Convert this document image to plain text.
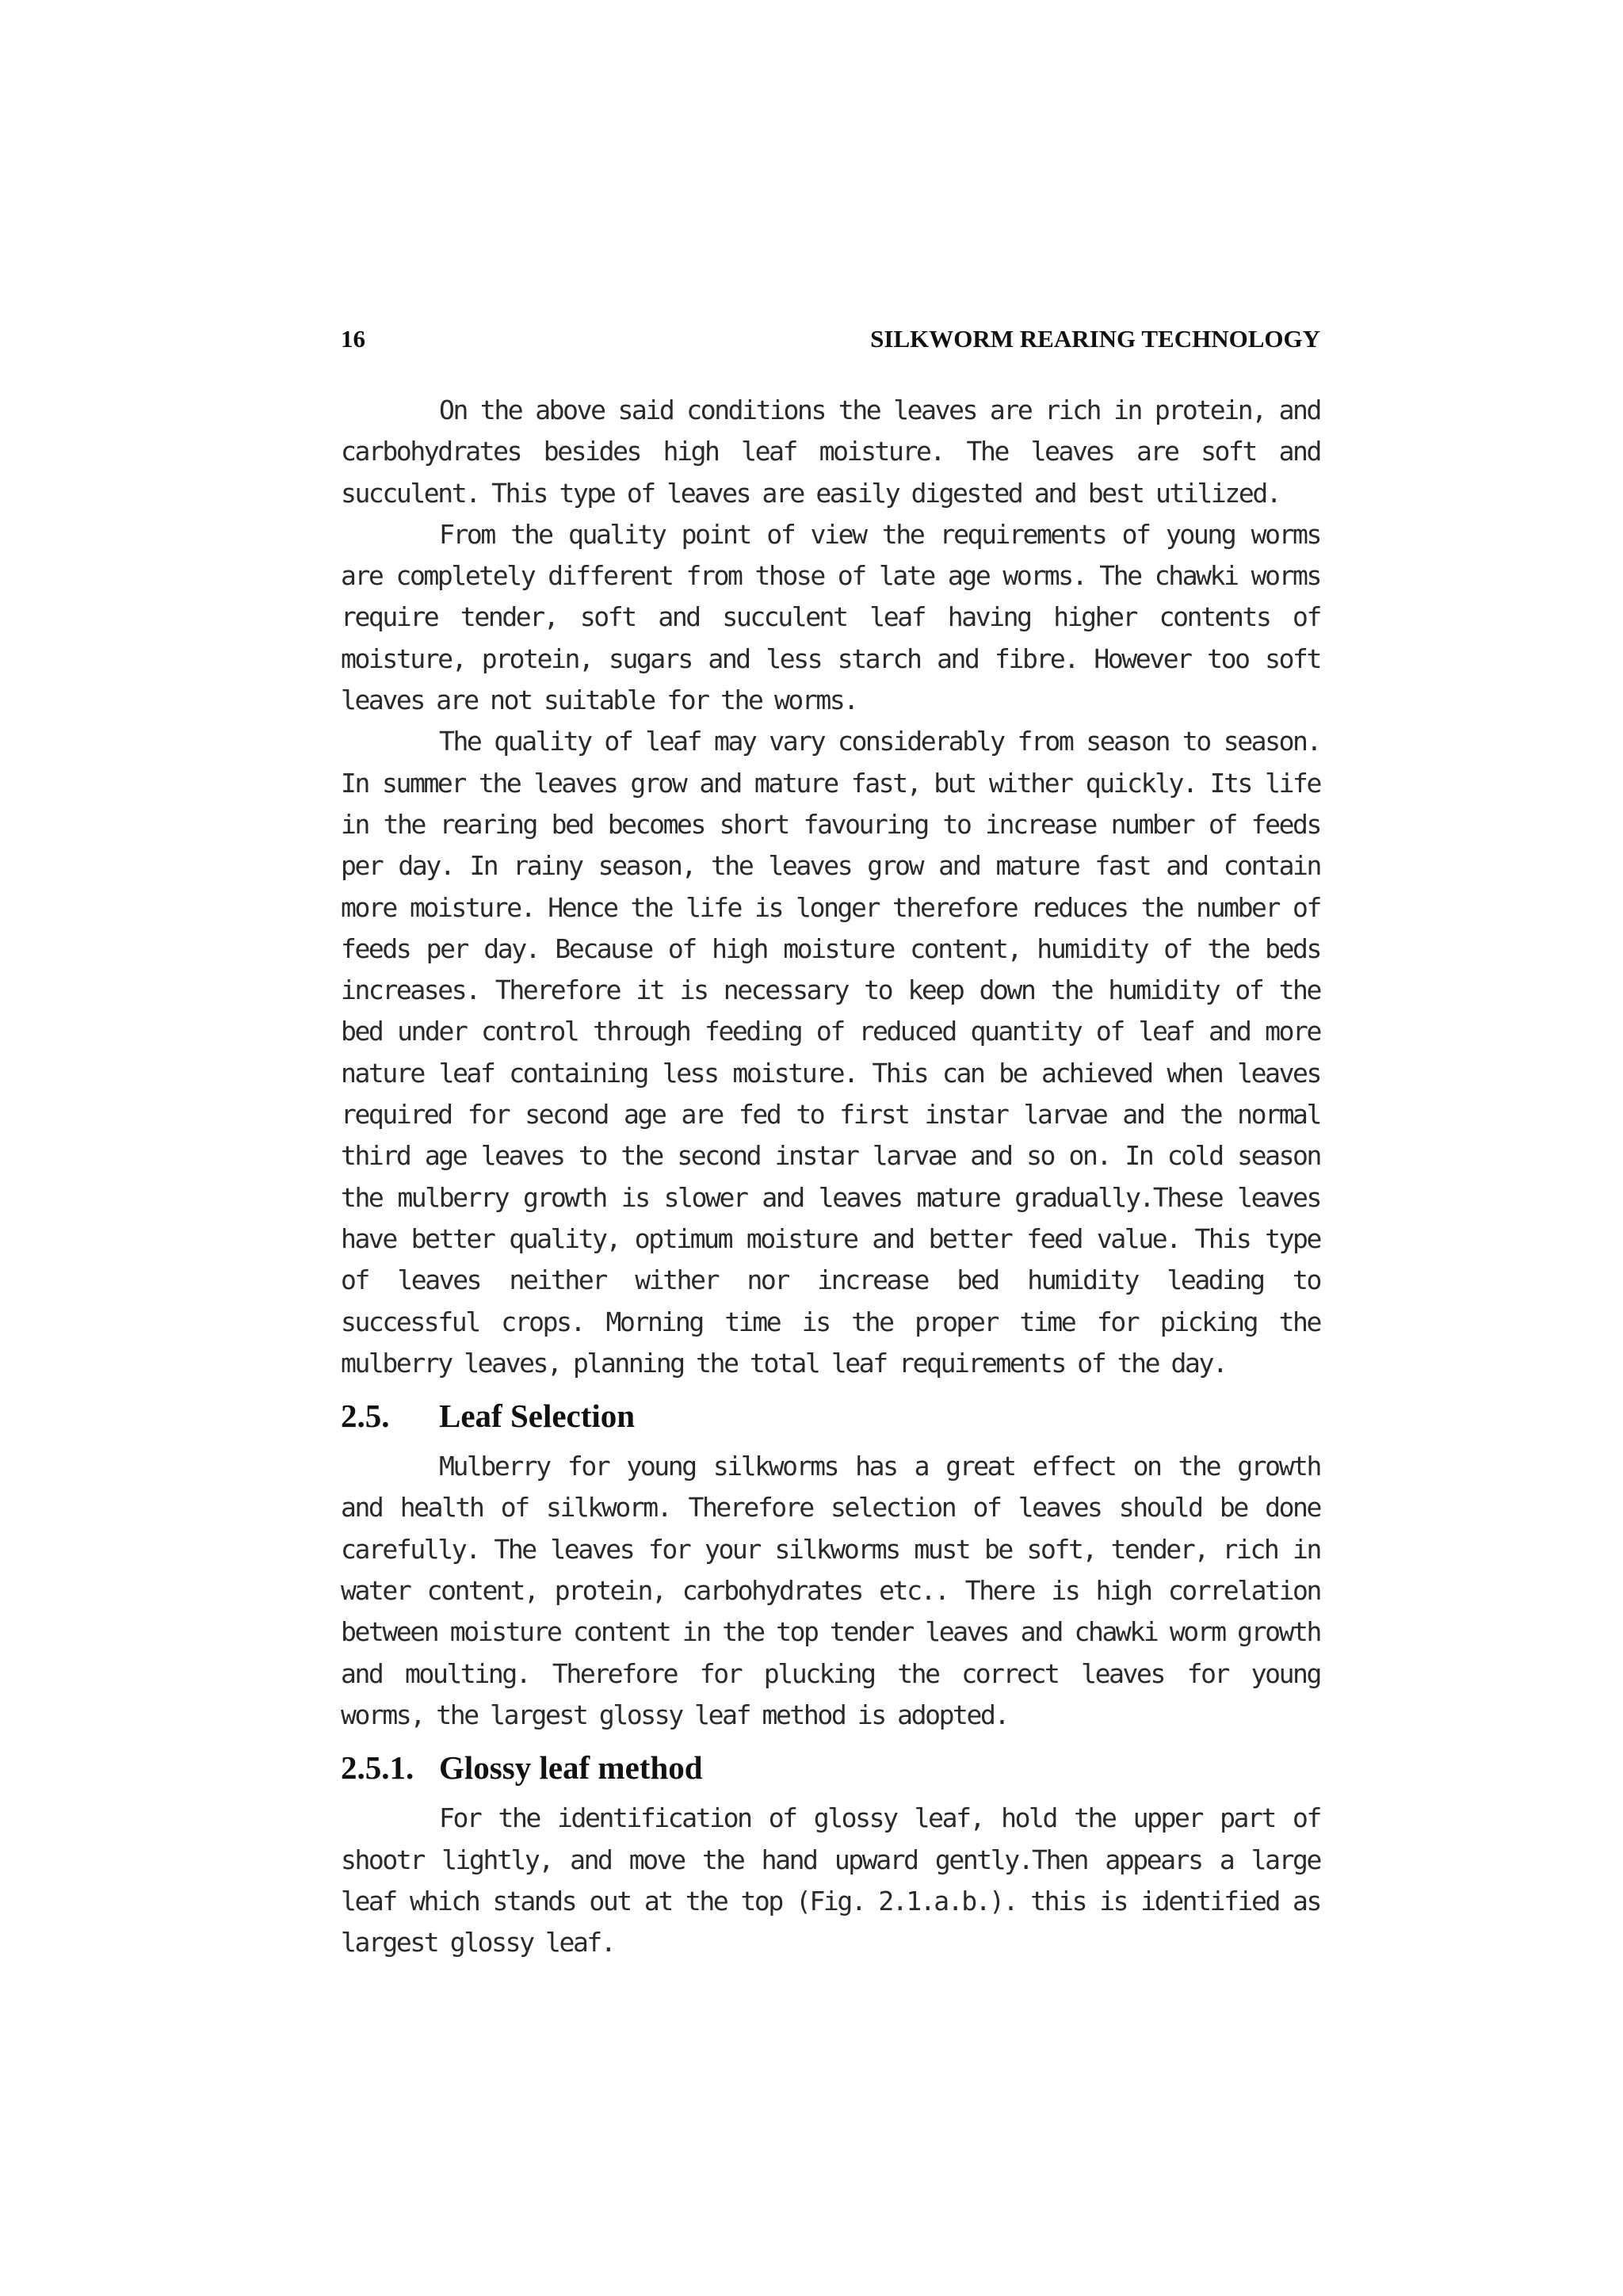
16	SILKWORM REARING TECHNOLOGY

On the above said conditions the leaves are rich in protein, and carbohydrates besides high leaf moisture. The leaves are soft and succulent. This type of leaves are easily digested and best utilized.

From the quality point of view the requirements of young worms are completely different from those of late age worms. The chawki worms require tender, soft and succulent leaf having higher contents of moisture, protein, sugars and less starch and fibre. However too soft leaves are not suitable for the worms.

The quality of leaf may vary considerably from season to season. In summer the leaves grow and mature fast, but wither quickly. Its life in the rearing bed becomes short favouring to increase number of feeds per day. In rainy season, the leaves grow and mature fast and contain more moisture. Hence the life is longer therefore reduces the number of feeds per day. Because of high moisture content, humidity of the beds increases. Therefore it is necessary to keep down the humidity of the bed under control through feeding of reduced quantity of leaf and more nature leaf containing less moisture. This can be achieved when leaves required for second age are fed to first instar larvae and the normal third age leaves to the second instar larvae and so on. In cold season the mulberry growth is slower and leaves mature gradually.These leaves have better quality, optimum moisture and better feed value. This type of leaves neither wither nor increase bed humidity leading to successful crops. Morning time is the proper time for picking the mulberry leaves, planning the total leaf requirements of the day.

2.5.	Leaf Selection

Mulberry for young silkworms has a great effect on the growth and health of silkworm. Therefore selection of leaves should be done carefully. The leaves for your silkworms must be soft, tender, rich in water content, protein, carbohydrates etc.. There is high correlation between moisture content in the top tender leaves and chawki worm growth and moulting. Therefore for plucking the correct leaves for young worms, the largest glossy leaf method is adopted.

2.5.1. Glossy leaf method

For the identification of glossy leaf, hold the upper part of shootr lightly, and move the hand upward gently.Then appears a large leaf which stands out at the top (Fig. 2.1.a.b.). this is identified as largest glossy leaf.
